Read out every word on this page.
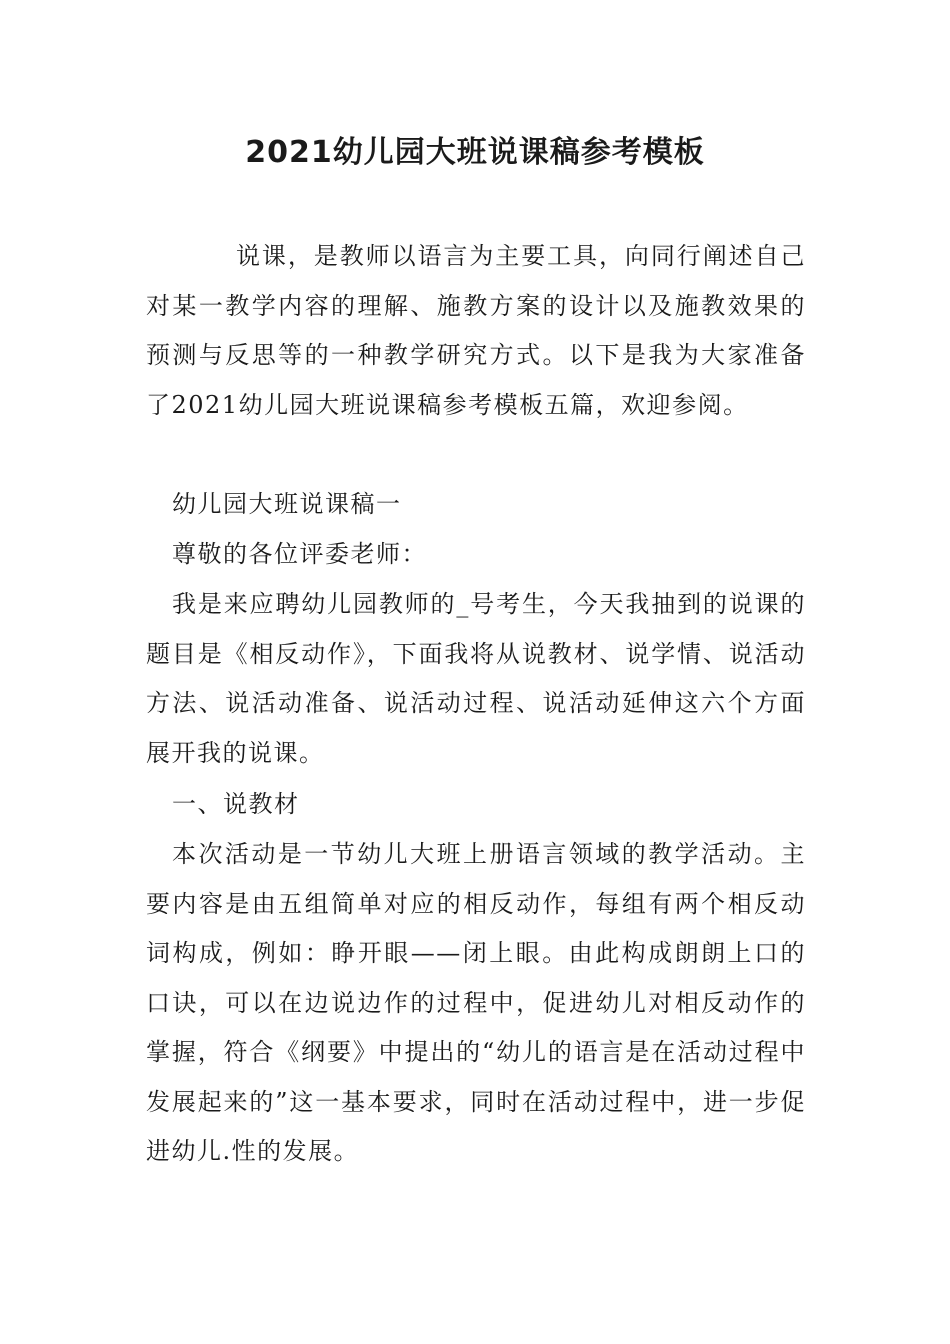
2021幼儿园大班说课稿参考模板

说课，是教师以语言为主要工具，向同行阐述自己对某一教学内容的理解、施教方案的设计以及施教效果的预测与反思等的一种教学研究方式。以下是我为大家准备了2021幼儿园大班说课稿参考模板五篇，欢迎参阅。

幼儿园大班说课稿一

尊敬的各位评委老师：

我是来应聘幼儿园教师的_号考生，今天我抽到的说课的题目是《相反动作》，下面我将从说教材、说学情、说活动方法、说活动准备、说活动过程、说活动延伸这六个方面展开我的说课。

一、说教材

本次活动是一节幼儿大班上册语言领域的教学活动。主要内容是由五组简单对应的相反动作，每组有两个相反动词构成，例如：睁开眼——闭上眼。由此构成朗朗上口的口诀，可以在边说边作的过程中，促进幼儿对相反动作的掌握，符合《纲要》中提出的“幼儿的语言是在活动过程中发展起来的”这一基本要求，同时在活动过程中，进一步促进幼儿.性的发展。
